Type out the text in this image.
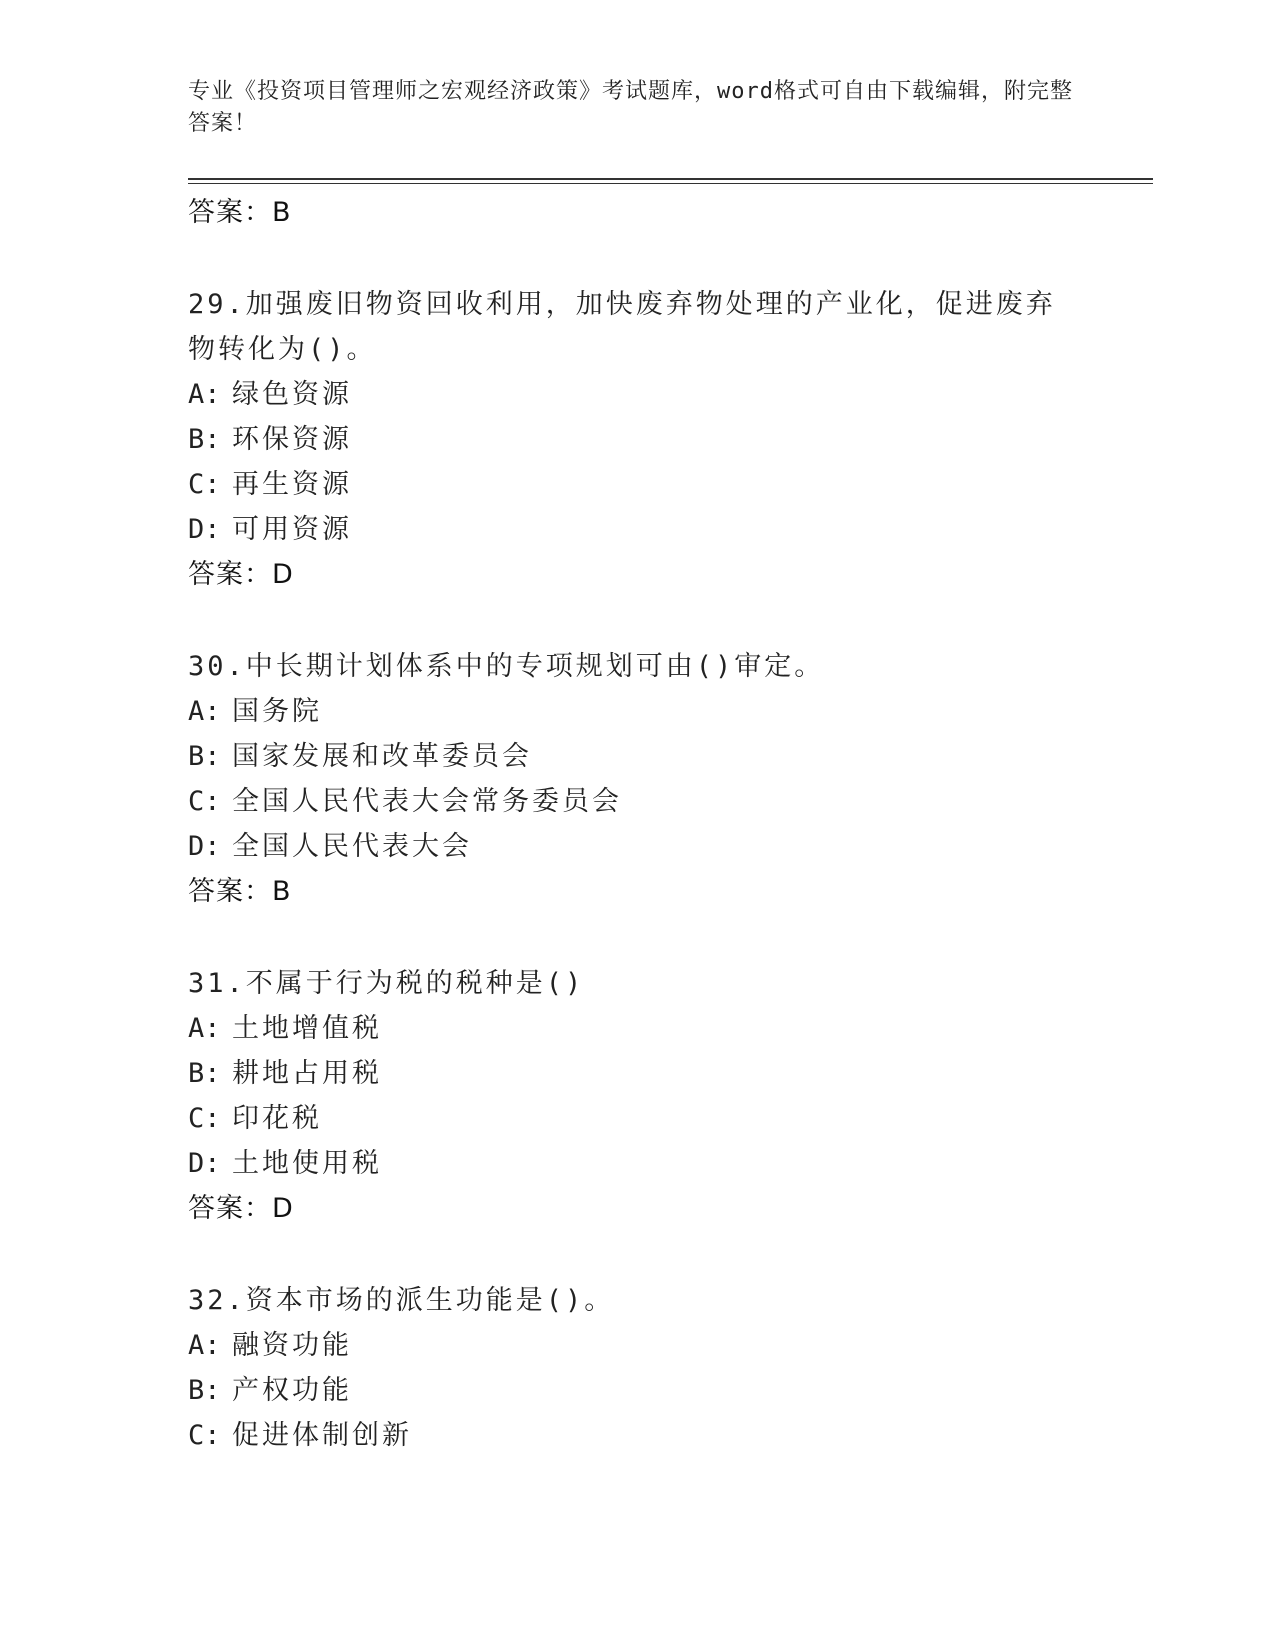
专业《投资项目管理师之宏观经济政策》考试题库，word格式可自由下载编辑，附完整答案！
答案：B
29.加强废旧物资回收利用，加快废弃物处理的产业化，促进废弃物转化为()。
A: 绿色资源
B: 环保资源
C: 再生资源
D: 可用资源
答案：D
30.中长期计划体系中的专项规划可由()审定。
A: 国务院
B: 国家发展和改革委员会
C: 全国人民代表大会常务委员会
D: 全国人民代表大会
答案：B
31.不属于行为税的税种是()
A: 土地增值税
B: 耕地占用税
C: 印花税
D: 土地使用税
答案：D
32.资本市场的派生功能是()。
A: 融资功能
B: 产权功能
C: 促进体制创新
